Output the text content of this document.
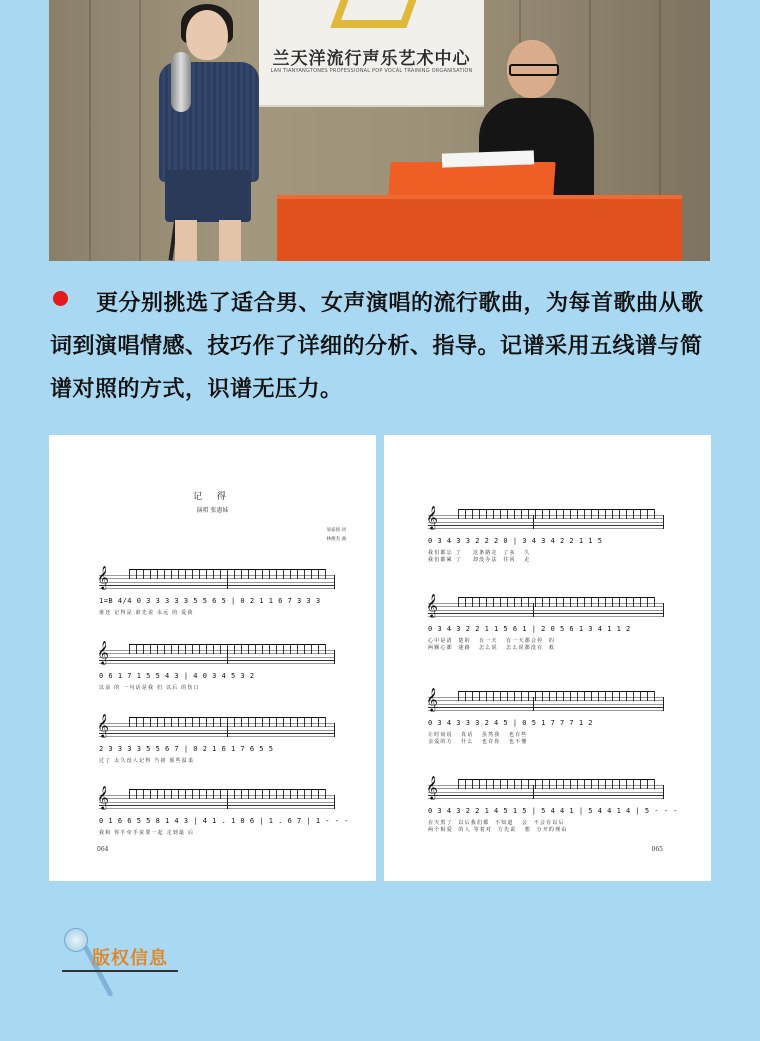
兰天洋流行声乐艺术中心
LAN TIANYANGTONES PROFESSIONAL POP VOCAL TRAINING ORGANISATION
更分别挑选了适合男、女声演唱的流行歌曲，为每首歌曲从歌词到演唱情感、技巧作了详细的分析、指导。记谱采用五线谱与简谱对照的方式，识谱无压力。
记 得
演唱 张惠妹
易家扬 词
林俊杰 曲
𝄞
1=B 4/4 0 3 3 3 3 3 5 5 6 5 | 0 2 1 1 6 7 3 3 3
谁还 记得是 谁先说 永远 的 爱我
𝄞
0 6 1 7 1 5 5 4 3 | 4 0 3 4 5 3 2
以前 的 一句话是我 们 以后 的伤口
𝄞
2 3 3 3 3 5 5 6 7 | 0 2 1 6 1 7 6 5 5
过了 太久没人记得 当初 那些温柔
𝄞
0 1 6 6 5 5 8 1 4 3 | 4 1 . 1 0 6 | 1 . 6 7 | 1 - - -
我和 你手牵手说要一起 走到最 后
064
𝄞
0 3 4 3 3 2 2 2 0 | 3 4 3 4 2 2 1 1 5
我们都忘 了    这条路走  了多   久
我们都累 了    却没办法  往回   走
𝄞
0 3 4 3 2 2 1 1 5 6 1 | 2 0 5 6 1 3 4 1 1 2
心中是清  楚的   有一天   有一天都会停  的
两颗心都  迷路   怎么说   怎么说都没有  救
𝄞
0 3 4 3 3 3 2 4 5 | 0 5 1 7 7 7 1 2
让时间说   真话   虽然我   也有些
亲爱的方   什么   也许你   也不懂
𝄞
0 3 4 3 2 2 1 4 5 1 5 | 5 4 4 1 | 5 4 4 1 4 | 5 - - -
在天黑了  以后我们都  不知道   会  不会有以后
两个相爱  的人 等着对  方先说   想  分开的理由
065
版权信息
